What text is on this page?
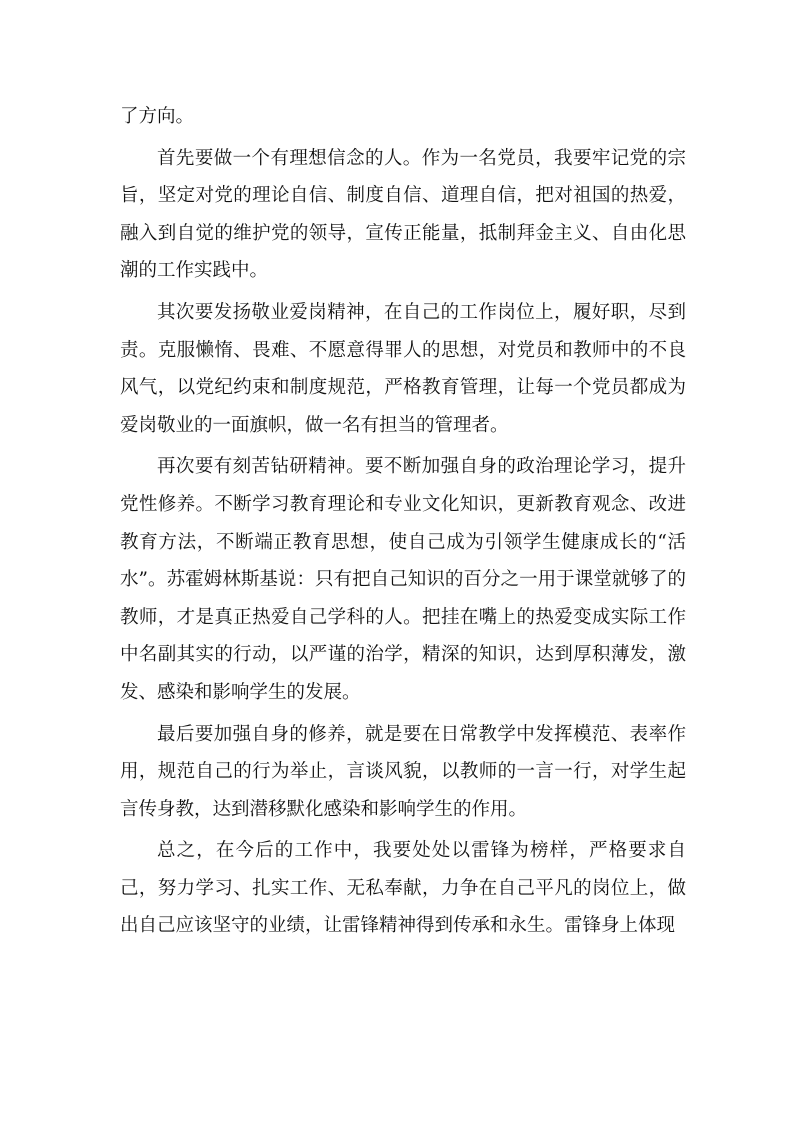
了方向。

首先要做一个有理想信念的人。作为一名党员，我要牢记党的宗旨，坚定对党的理论自信、制度自信、道理自信，把对祖国的热爱，融入到自觉的维护党的领导，宣传正能量，抵制拜金主义、自由化思潮的工作实践中。

其次要发扬敬业爱岗精神，在自己的工作岗位上，履好职，尽到责。克服懒惰、畏难、不愿意得罪人的思想，对党员和教师中的不良风气，以党纪约束和制度规范，严格教育管理，让每一个党员都成为爱岗敬业的一面旗帜，做一名有担当的管理者。

再次要有刻苦钻研精神。要不断加强自身的政治理论学习，提升党性修养。不断学习教育理论和专业文化知识，更新教育观念、改进教育方法，不断端正教育思想，使自己成为引领学生健康成长的“活水”。苏霍姆林斯基说：只有把自己知识的百分之一用于课堂就够了的教师，才是真正热爱自己学科的人。把挂在嘴上的热爱变成实际工作中名副其实的行动，以严谨的治学，精深的知识，达到厚积薄发，激发、感染和影响学生的发展。

最后要加强自身的修养，就是要在日常教学中发挥模范、表率作用，规范自己的行为举止，言谈风貌，以教师的一言一行，对学生起言传身教，达到潜移默化感染和影响学生的作用。

总之，在今后的工作中，我要处处以雷锋为榜样，严格要求自己，努力学习、扎实工作、无私奉献，力争在自己平凡的岗位上，做出自己应该坚守的业绩，让雷锋精神得到传承和永生。雷锋身上体现
